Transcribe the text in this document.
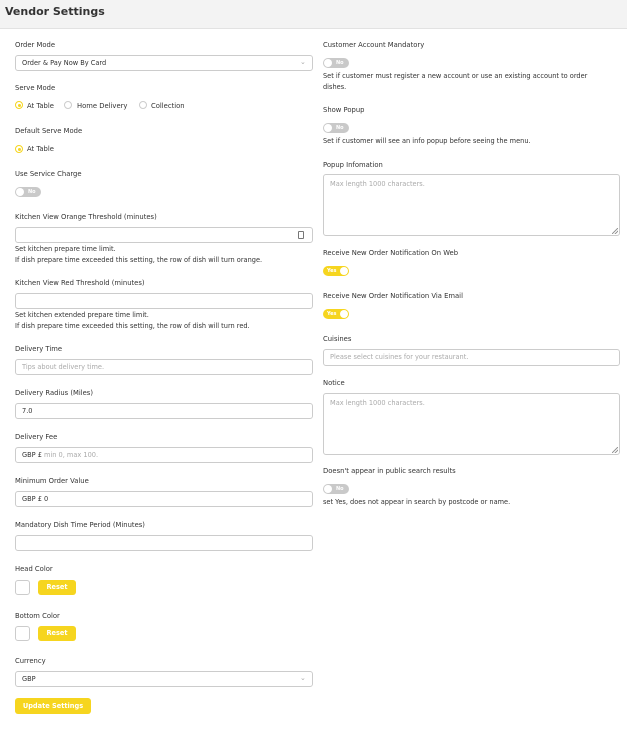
Vendor Settings
Order Mode
Order & Pay Now By Card	⌄
Serve Mode
At Table	Home Delivery	Collection
Default Serve Mode
At Table
Use Service Charge
No
Kitchen View Orange Threshold (minutes)
Set kitchen prepare time limit.
If dish prepare time exceeded this setting, the row of dish will turn orange.
Kitchen View Red Threshold (minutes)
Set kitchen extended prepare time limit.
If dish prepare time exceeded this setting, the row of dish will turn red.
Delivery Time
Tips about delivery time.
Delivery Radius (Miles)
7.0
Delivery Fee
GBP £ min 0, max 100.
Minimum Order Value
GBP £ 0
Mandatory Dish Time Period (Minutes)
Head Color
Reset
Bottom Color
Reset
Currency
GBP	⌄
Update Settings
Customer Account Mandatory
No
Set if customer must register a new account or use an existing account to order
dishes.
Show Popup
No
Set if customer will see an info popup before seeing the menu.
Popup Infomation
Max length 1000 characters.
Receive New Order Notification On Web
Yes
Receive New Order Notification Via Email
Yes
Cuisines
Please select cuisines for your restaurant.
Notice
Max length 1000 characters.
Doesn't appear in public search results
No
set Yes, does not appear in search by postcode or name.
